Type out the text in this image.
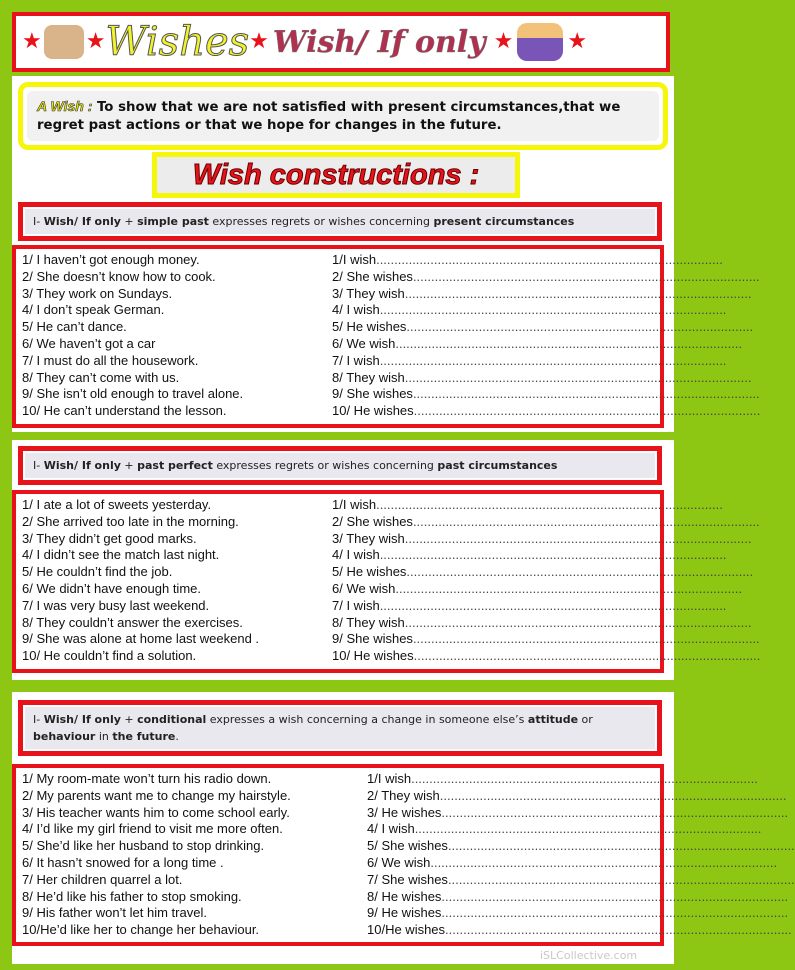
★ ★ Wishes ★ Wish/ If only ★ ★
A Wish : To show that we are not satisfied with present circumstances,that we regret past actions or that we hope for changes in the future.
Wish constructions :
I- Wish/ If only + simple past expresses regrets or wishes concerning present circumstances
1/ I haven’t got enough money.	1/I wish................................................................................................
2/ She doesn’t know how to cook.	2/ She wishes................................................................................................
3/ They work on Sundays.	3/ They wish................................................................................................
4/ I don’t speak German.	4/ I wish................................................................................................
5/ He can’t dance.	5/ He wishes................................................................................................
6/ We haven’t got a car	6/ We wish................................................................................................
7/ I must do all the housework.	7/ I wish................................................................................................
8/ They can’t come with us.	8/ They wish................................................................................................
9/ She isn’t old enough to travel alone.	9/ She wishes................................................................................................
10/ He can’t understand the lesson.	10/ He wishes................................................................................................
I- Wish/ If only + past perfect expresses regrets or wishes concerning past circumstances
1/ I ate a lot of sweets yesterday.	1/I wish................................................................................................
2/ She arrived too late in the morning.	2/ She wishes................................................................................................
3/ They didn’t get good marks.	3/ They wish................................................................................................
4/ I didn’t see the match last night.	4/ I wish................................................................................................
5/ He couldn’t find the job.	5/ He wishes................................................................................................
6/ We didn’t have enough time.	6/ We wish................................................................................................
7/ I was very busy last weekend.	7/ I wish................................................................................................
8/ They couldn’t answer the exercises.	8/ They wish................................................................................................
9/ She was alone at home last weekend .	9/ She wishes................................................................................................
10/ He couldn’t find a solution.	10/ He wishes................................................................................................
I- Wish/ If only + conditional expresses a wish concerning a change in someone else’s attitude or behaviour in the future.
1/ My room-mate won’t turn his radio down.	1/I wish................................................................................................
2/ My parents want me to change my hairstyle.	2/ They wish................................................................................................
3/ His teacher wants him to come school early.	3/ He wishes................................................................................................
4/ I’d like my girl friend to visit me more often.	4/ I wish................................................................................................
5/ She’d like her husband to stop drinking.	5/ She wishes................................................................................................
6/ It hasn’t snowed for a long time .	6/ We wish................................................................................................
7/ Her children quarrel a lot.	7/ She wishes................................................................................................
8/ He’d like his father to stop smoking.	8/ He wishes................................................................................................
9/ His father won’t let him travel.	9/ He wishes................................................................................................
10/He’d like her to change her behaviour.	10/He wishes................................................................................................
iSLCollective.com
